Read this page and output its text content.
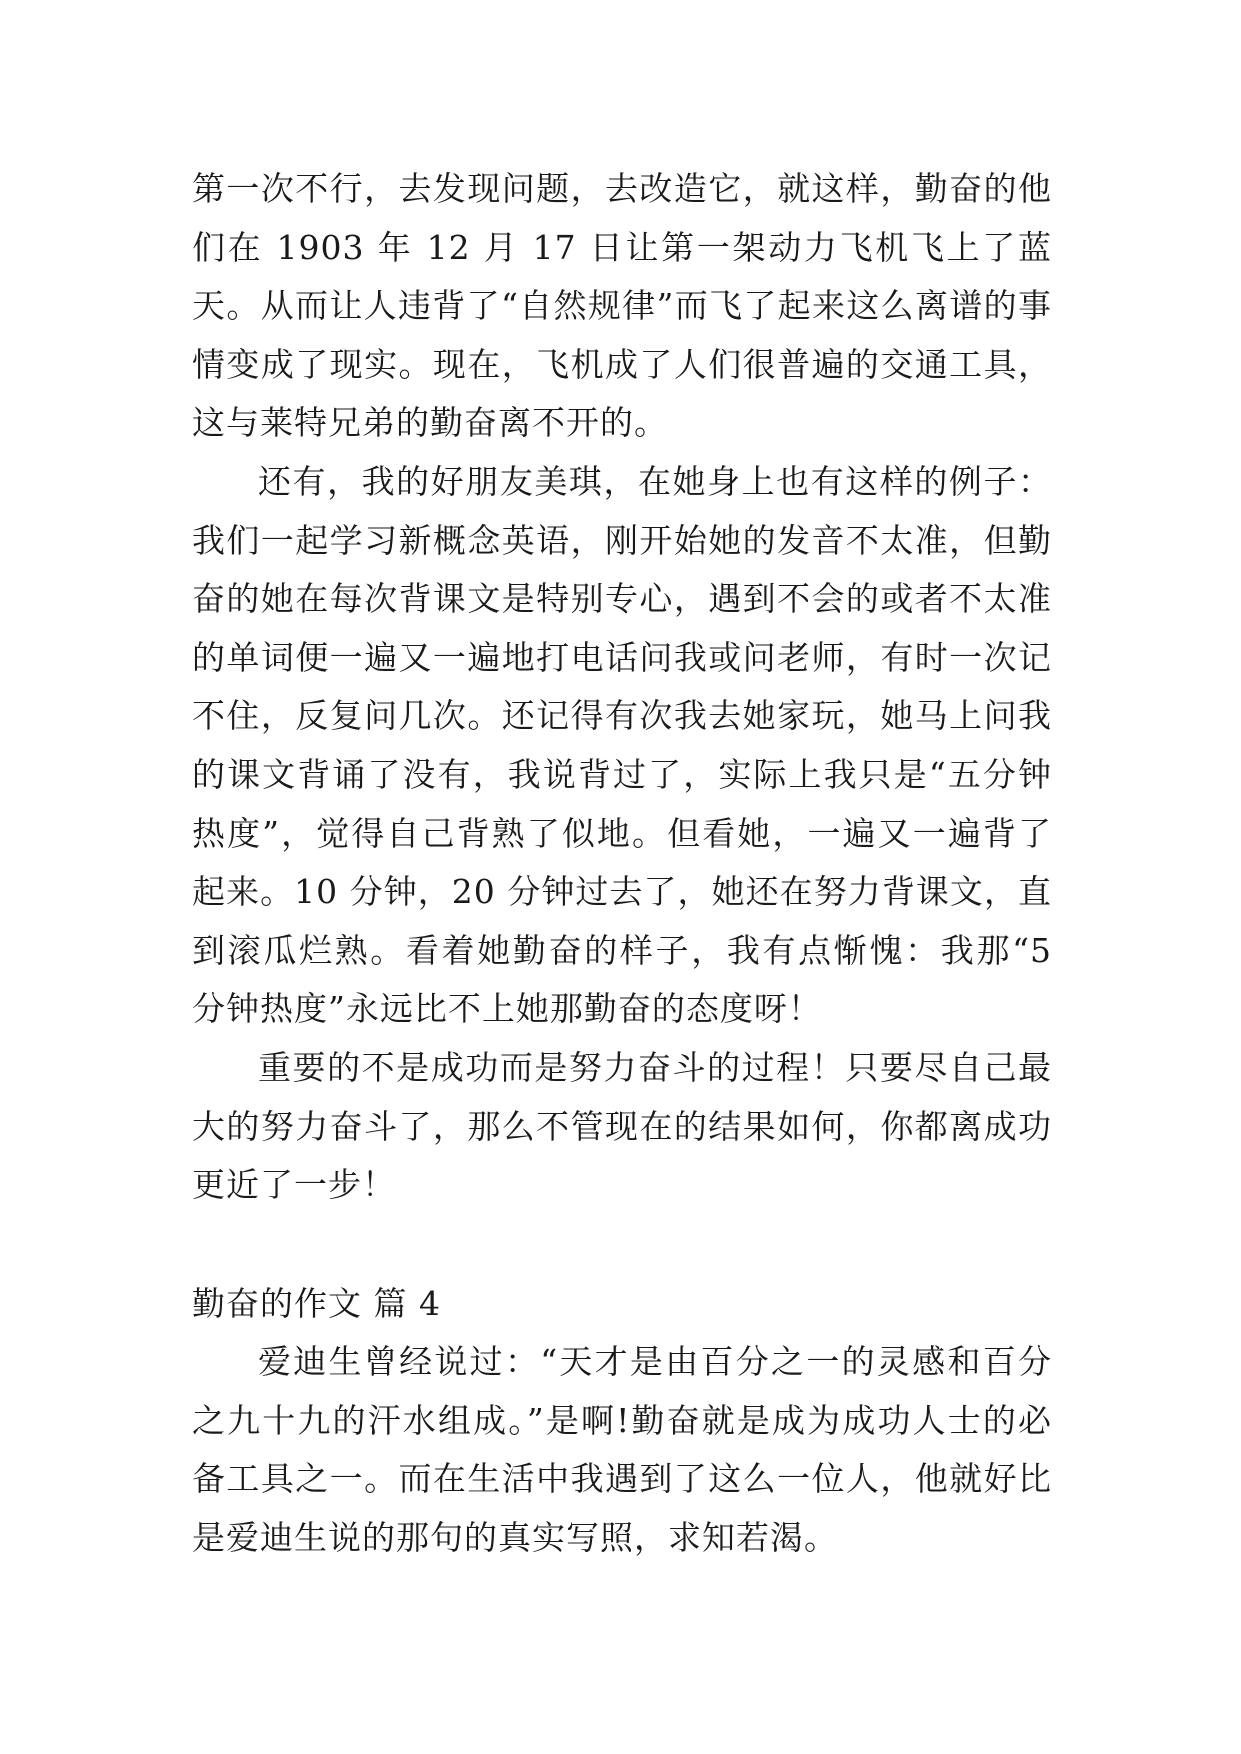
第一次不行，去发现问题，去改造它，就这样，勤奋的他们在 1903 年 12 月 17 日让第一架动力飞机飞上了蓝天。从而让人违背了“自然规律”而飞了起来这么离谱的事情变成了现实。现在，飞机成了人们很普遍的交通工具，这与莱特兄弟的勤奋离不开的。

还有，我的好朋友美琪，在她身上也有这样的例子：我们一起学习新概念英语，刚开始她的发音不太准，但勤奋的她在每次背课文是特别专心，遇到不会的或者不太准的单词便一遍又一遍地打电话问我或问老师，有时一次记不住，反复问几次。还记得有次我去她家玩，她马上问我的课文背诵了没有，我说背过了，实际上我只是“五分钟热度”，觉得自己背熟了似地。但看她，一遍又一遍背了起来。10 分钟，20 分钟过去了，她还在努力背课文，直到滚瓜烂熟。看着她勤奋的样子，我有点惭愧：我那“5 分钟热度”永远比不上她那勤奋的态度呀！

重要的不是成功而是努力奋斗的过程！只要尽自己最大的努力奋斗了，那么不管现在的结果如何，你都离成功更近了一步！

勤奋的作文 篇 4

爱迪生曾经说过：“天才是由百分之一的灵感和百分之九十九的汗水组成。”是啊!勤奋就是成为成功人士的必备工具之一。而在生活中我遇到了这么一位人，他就好比是爱迪生说的那句的真实写照，求知若渴。
